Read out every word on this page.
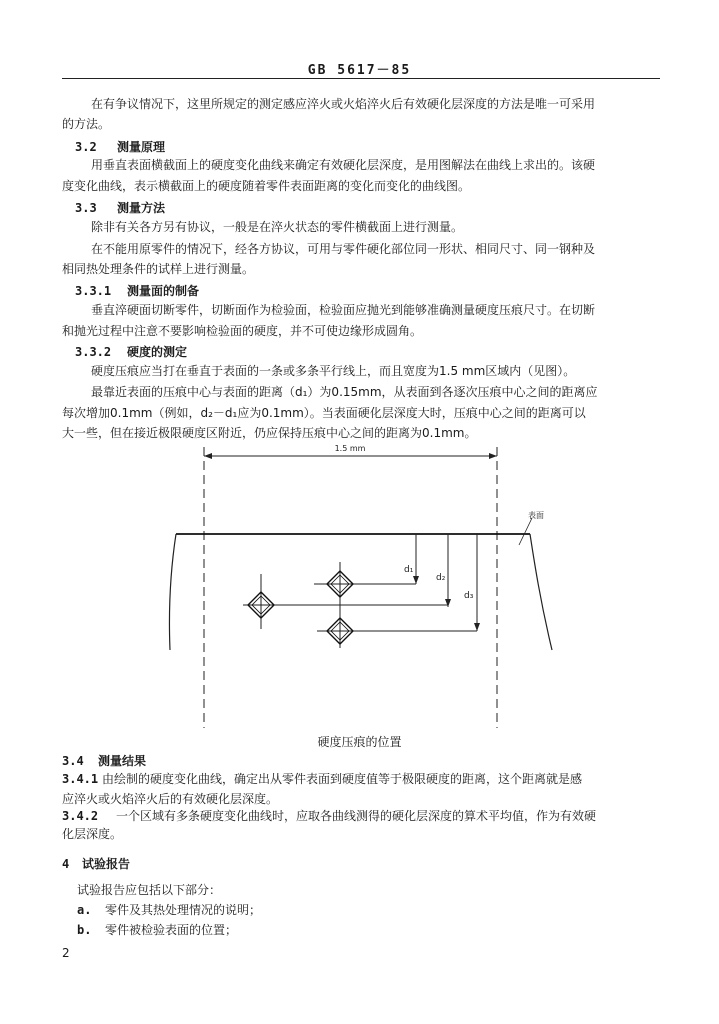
GB 5617－85
在有争议情况下，这里所规定的测定感应淬火或火焰淬火后有效硬化层深度的方法是唯一可采用
的方法。
3.2 测量原理
用垂直表面横截面上的硬度变化曲线来确定有效硬化层深度，是用图解法在曲线上求出的。该硬
度变化曲线，表示横截面上的硬度随着零件表面距离的变化而变化的曲线图。
3.3 测量方法
除非有关各方另有协议，一般是在淬火状态的零件横截面上进行测量。
在不能用原零件的情况下，经各方协议，可用与零件硬化部位同一形状、相同尺寸、同一钢种及
相同热处理条件的试样上进行测量。
3.3.1 测量面的制备
垂直淬硬面切断零件，切断面作为检验面，检验面应抛光到能够准确测量硬度压痕尺寸。在切断
和抛光过程中注意不要影响检验面的硬度，并不可使边缘形成圆角。
3.3.2 硬度的测定
硬度压痕应当打在垂直于表面的一条或多条平行线上，而且宽度为1.5 mm区域内（见图）。
最靠近表面的压痕中心与表面的距离（d₁）为0.15mm，从表面到各逐次压痕中心之间的距离应
每次增加0.1mm（例如，d₂－d₁应为0.1mm）。当表面硬化层深度大时，压痕中心之间的距离可以
大一些，但在接近极限硬度区附近，仍应保持压痕中心之间的距离为0.1mm。
1.5 mm
表面
d₁
d₂
d₃
硬度压痕的位置
3.4 测量结果
3.4.1 由绘制的硬度变化曲线，确定出从零件表面到硬度值等于极限硬度的距离，这个距离就是感
应淬火或火焰淬火后的有效硬化层深度。
3.4.2 一个区域有多条硬度变化曲线时，应取各曲线测得的硬化层深度的算术平均值，作为有效硬
化层深度。
4 试验报告
试验报告应包括以下部分：
a. 零件及其热处理情况的说明；
b. 零件被检验表面的位置；
2
